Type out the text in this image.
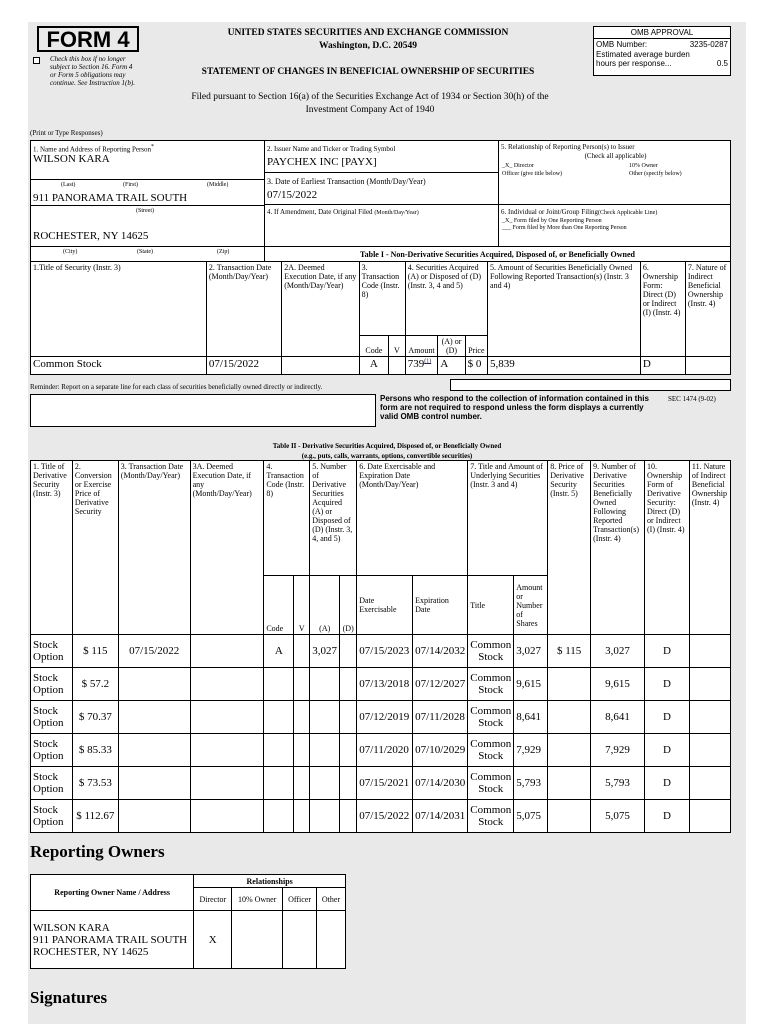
FORM 4
Check this box if no longer subject to Section 16. Form 4 or Form 5 obligations may continue. See Instruction 1(b).
UNITED STATES SECURITIES AND EXCHANGE COMMISSION
Washington, D.C. 20549
STATEMENT OF CHANGES IN BENEFICIAL OWNERSHIP OF SECURITIES
Filed pursuant to Section 16(a) of the Securities Exchange Act of 1934 or Section 30(h) of the
Investment Company Act of 1940
OMB APPROVAL
OMB Number:	3235-0287
Estimated average burden
hours per response...	0.5
(Print or Type Responses)
1. Name and Address of Reporting Person*
WILSON KARA
(Last)	(First)	(Middle)
911 PANORAMA TRAIL SOUTH
(Street)
ROCHESTER, NY 14625
(City)	(State)	(Zip)
2. Issuer Name and Ticker or Trading Symbol
PAYCHEX INC [PAYX]
3. Date of Earliest Transaction (Month/Day/Year)
07/15/2022
4. If Amendment, Date Original Filed (Month/Day/Year)
5. Relationship of Reporting Person(s) to Issuer
(Check all applicable)
_X_ Director	10% Owner
Officer (give title below)	Other (specify below)
6. Individual or Joint/Group Filing(Check Applicable Line)
_X_ Form filed by One Reporting Person
___ Form filed by More than One Reporting Person
Table I - Non-Derivative Securities Acquired, Disposed of, or Beneficially Owned
1.Title of Security (Instr. 3)	2. Transaction Date (Month/Day/Year)	2A. Deemed Execution Date, if any (Month/Day/Year)	3. Transaction Code (Instr. 8)		4. Securities Acquired (A) or Disposed of (D) (Instr. 3, 4 and 5)			5. Amount of Securities Beneficially Owned Following Reported Transaction(s) (Instr. 3 and 4)	6. Ownership Form: Direct (D) or Indirect (I) (Instr. 4)	7. Nature of Indirect Beneficial Ownership (Instr. 4)
			Code	V	Amount	(A) or (D)	Price			
Common Stock	07/15/2022		A		739$^{(1)}$	A	$ 0	5,839	D	
Reminder: Report on a separate line for each class of securities beneficially owned directly or indirectly.
Persons who respond to the collection of information contained in this form are not required to respond unless the form displays a currently valid OMB control number.
SEC 1474 (9-02)
Table II - Derivative Securities Acquired, Disposed of, or Beneficially Owned
(e.g., puts, calls, warrants, options, convertible securities)
1. Title of Derivative Security (Instr. 3)	2. Conversion or Exercise Price of Derivative Security	3. Transaction Date (Month/Day/Year)	3A. Deemed Execution Date, if any (Month/Day/Year)	4. Transaction Code (Instr. 8)		5. Number of Derivative Securities Acquired (A) or Disposed of (D) (Instr. 3, 4, and 5)		6. Date Exercisable and Expiration Date (Month/Day/Year)		7. Title and Amount of Underlying Securities (Instr. 3 and 4)		8. Price of Derivative Security (Instr. 5)	9. Number of Derivative Securities Beneficially Owned Following Reported Transaction(s) (Instr. 4)	10. Ownership Form of Derivative Security: Direct (D) or Indirect (I) (Instr. 4)	11. Nature of Indirect Beneficial Ownership (Instr. 4)
				Code	V	(A)	(D)	Date Exercisable	Expiration Date	Title	Amount or Number of Shares				
Stock Option	$ 115	07/15/2022		A		3,027		07/15/2023	07/14/2032	Common Stock	3,027	$ 115	3,027	D	
Stock Option	$ 57.2							07/13/2018	07/12/2027	Common Stock	9,615		9,615	D	
Stock Option	$ 70.37							07/12/2019	07/11/2028	Common Stock	8,641		8,641	D	
Stock Option	$ 85.33							07/11/2020	07/10/2029	Common Stock	7,929		7,929	D	
Stock Option	$ 73.53							07/15/2021	07/14/2030	Common Stock	5,793		5,793	D	
Stock Option	$ 112.67							07/15/2022	07/14/2031	Common Stock	5,075		5,075	D	
Reporting Owners
Reporting Owner Name / Address	Relationships			
	Director	10% Owner	Officer	Other

WILSON KARA
911 PANORAMA TRAIL SOUTH
ROCHESTER, NY 14625	X			
Signatures
